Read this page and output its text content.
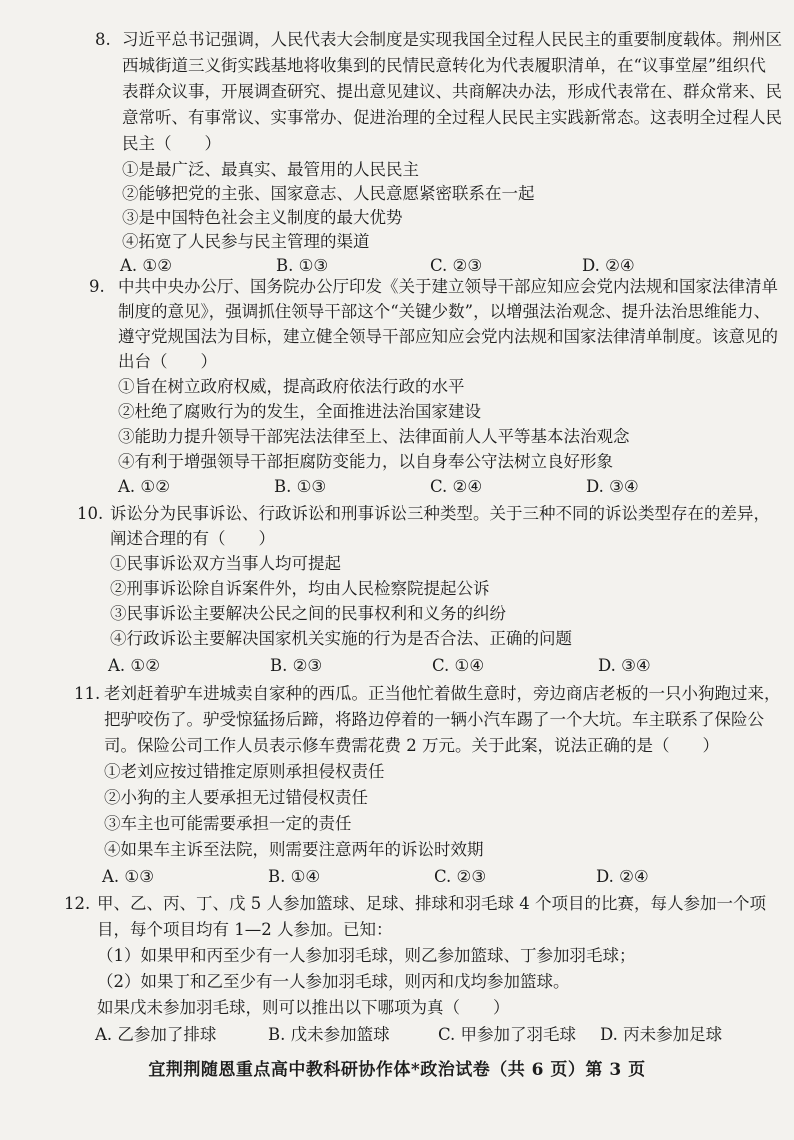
8. 习近平总书记强调，人民代表大会制度是实现我国全过程人民民主的重要制度载体。荆州区
西城街道三义街实践基地将收集到的民情民意转化为代表履职清单，在“议事堂屋”组织代
表群众议事，开展调查研究、提出意见建议、共商解决办法，形成代表常在、群众常来、民
意常听、有事常议、实事常办、促进治理的全过程人民民主实践新常态。这表明全过程人民
民主（　　）
①是最广泛、最真实、最管用的人民民主
②能够把党的主张、国家意志、人民意愿紧密联系在一起
③是中国特色社会主义制度的最大优势
④拓宽了人民参与民主管理的渠道
A. ①②	B. ①③	C. ②③	D. ②④
9. 中共中央办公厅、国务院办公厅印发《关于建立领导干部应知应会党内法规和国家法律清单
制度的意见》，强调抓住领导干部这个“关键少数”，以增强法治观念、提升法治思维能力、
遵守党规国法为目标，建立健全领导干部应知应会党内法规和国家法律清单制度。该意见的
出台（　　）
①旨在树立政府权威，提高政府依法行政的水平
②杜绝了腐败行为的发生，全面推进法治国家建设
③能助力提升领导干部宪法法律至上、法律面前人人平等基本法治观念
④有利于增强领导干部拒腐防变能力，以自身奉公守法树立良好形象
A. ①②	B. ①③	C. ②④	D. ③④
10. 诉讼分为民事诉讼、行政诉讼和刑事诉讼三种类型。关于三种不同的诉讼类型存在的差异，
阐述合理的有（　　）
①民事诉讼双方当事人均可提起
②刑事诉讼除自诉案件外，均由人民检察院提起公诉
③民事诉讼主要解决公民之间的民事权利和义务的纠纷
④行政诉讼主要解决国家机关实施的行为是否合法、正确的问题
A. ①②	B. ②③	C. ①④	D. ③④
11. 老刘赶着驴车进城卖自家种的西瓜。正当他忙着做生意时，旁边商店老板的一只小狗跑过来，
把驴咬伤了。驴受惊猛扬后蹄，将路边停着的一辆小汽车踢了一个大坑。车主联系了保险公
司。保险公司工作人员表示修车费需花费 2 万元。关于此案，说法正确的是（　　）
①老刘应按过错推定原则承担侵权责任
②小狗的主人要承担无过错侵权责任
③车主也可能需要承担一定的责任
④如果车主诉至法院，则需要注意两年的诉讼时效期
A. ①③	B. ①④	C. ②③	D. ②④
12. 甲、乙、丙、丁、戊 5 人参加篮球、足球、排球和羽毛球 4 个项目的比赛，每人参加一个项
目，每个项目均有 1—2 人参加。已知：
（1）如果甲和丙至少有一人参加羽毛球，则乙参加篮球、丁参加羽毛球；
（2）如果丁和乙至少有一人参加羽毛球，则丙和戊均参加篮球。
如果戊未参加羽毛球，则可以推出以下哪项为真（　　）
A. 乙参加了排球	B. 戊未参加篮球	C. 甲参加了羽毛球 D. 丙未参加足球
宜荆荆随恩重点高中教科研协作体*政治试卷（共 6 页）第 3 页
